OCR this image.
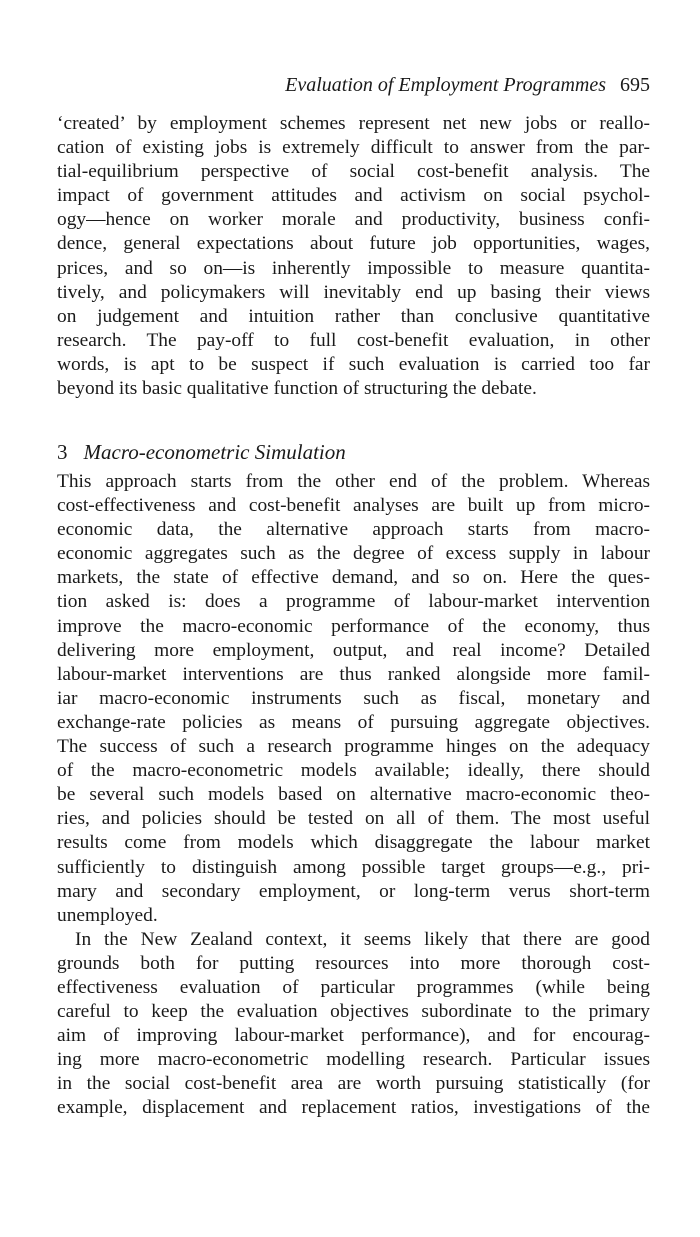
Evaluation of Employment Programmes 695
‘created’ by employment schemes represent net new jobs or reallo-
cation of existing jobs is extremely difficult to answer from the par-
tial-equilibrium perspective of social cost-benefit analysis. The
impact of government attitudes and activism on social psychol-
ogy—hence on worker morale and productivity, business confi-
dence, general expectations about future job opportunities, wages,
prices, and so on—is inherently impossible to measure quantita-
tively, and policymakers will inevitably end up basing their views
on judgement and intuition rather than conclusive quantitative
research. The pay-off to full cost-benefit evaluation, in other
words, is apt to be suspect if such evaluation is carried too far
beyond its basic qualitative function of structuring the debate.
3 Macro-econometric Simulation
This approach starts from the other end of the problem. Whereas
cost-effectiveness and cost-benefit analyses are built up from micro-
economic data, the alternative approach starts from macro-
economic aggregates such as the degree of excess supply in labour
markets, the state of effective demand, and so on. Here the ques-
tion asked is: does a programme of labour-market intervention
improve the macro-economic performance of the economy, thus
delivering more employment, output, and real income? Detailed
labour-market interventions are thus ranked alongside more famil-
iar macro-economic instruments such as fiscal, monetary and
exchange-rate policies as means of pursuing aggregate objectives.
The success of such a research programme hinges on the adequacy
of the macro-econometric models available; ideally, there should
be several such models based on alternative macro-economic theo-
ries, and policies should be tested on all of them. The most useful
results come from models which disaggregate the labour market
sufficiently to distinguish among possible target groups—e.g., pri-
mary and secondary employment, or long-term verus short-term
unemployed.
In the New Zealand context, it seems likely that there are good
grounds both for putting resources into more thorough cost-
effectiveness evaluation of particular programmes (while being
careful to keep the evaluation objectives subordinate to the primary
aim of improving labour-market performance), and for encourag-
ing more macro-econometric modelling research. Particular issues
in the social cost-benefit area are worth pursuing statistically (for
example, displacement and replacement ratios, investigations of the
